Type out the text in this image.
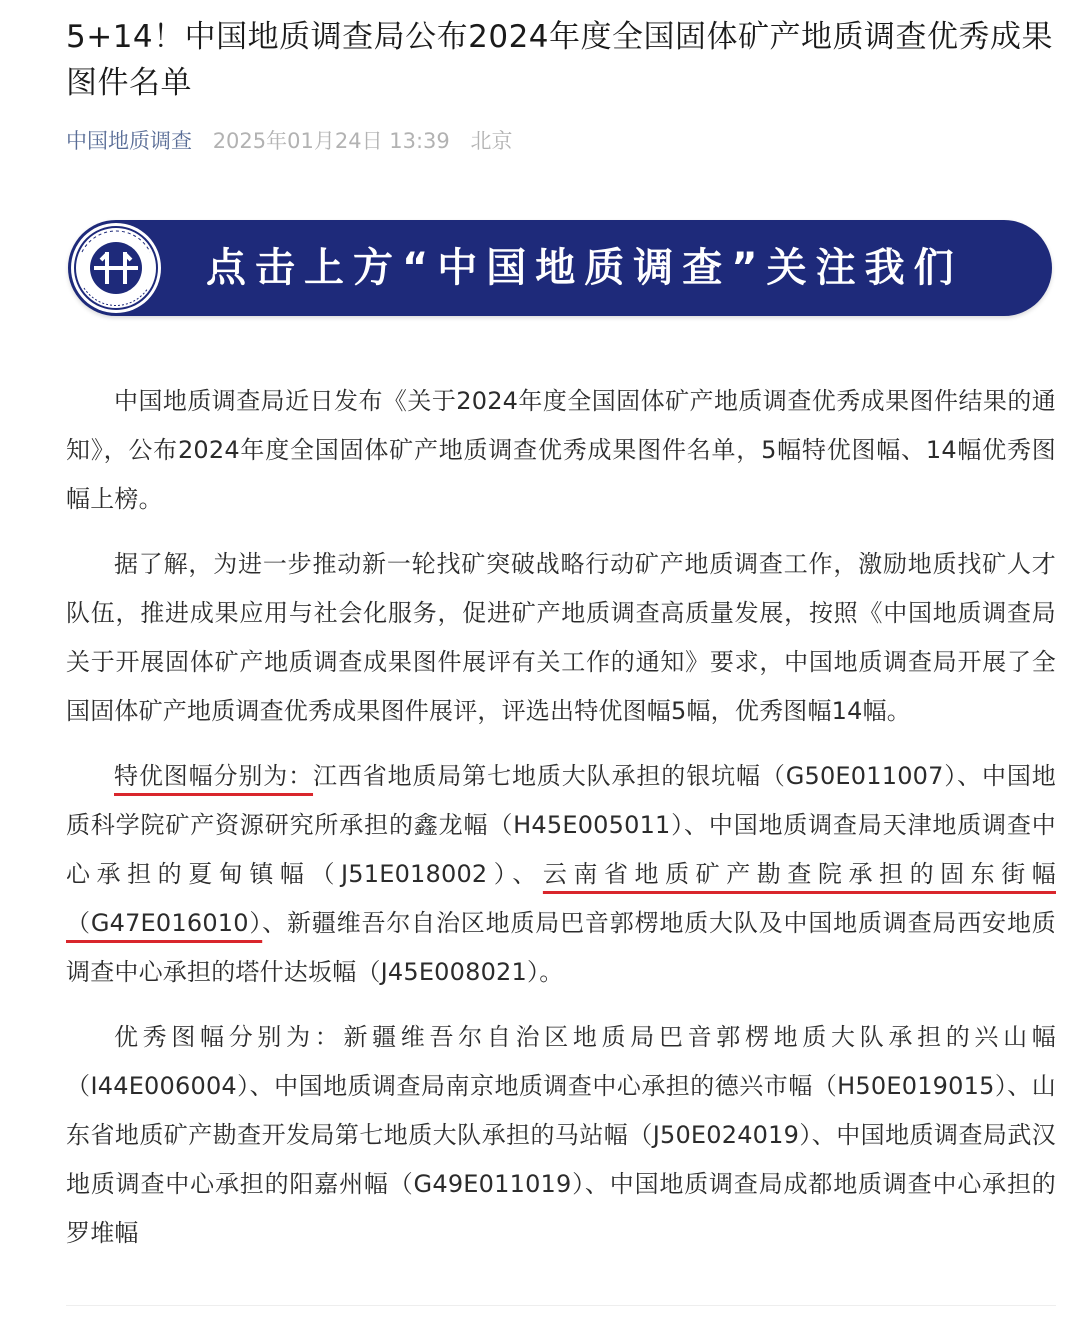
5+14！中国地质调查局公布2024年度全国固体矿产地质调查优秀成果图件名单
中国地质调查 2025年01月24日 13:39 北京
点击上方“中国地质调查”关注我们

中国地质调查局近日发布《关于2024年度全国固体矿产地质调查优秀成果图件结果的通知》，公布2024年度全国固体矿产地质调查优秀成果图件名单，5幅特优图幅、14幅优秀图幅上榜。

据了解，为进一步推动新一轮找矿突破战略行动矿产地质调查工作，激励地质找矿人才队伍，推进成果应用与社会化服务，促进矿产地质调查高质量发展，按照《中国地质调查局关于开展固体矿产地质调查成果图件展评有关工作的通知》要求，中国地质调查局开展了全国固体矿产地质调查优秀成果图件展评，评选出特优图幅5幅，优秀图幅14幅。

特优图幅分别为：江西省地质局第七地质大队承担的银坑幅（G50E011007）、中国地质科学院矿产资源研究所承担的鑫龙幅（H45E005011）、中国地质调查局天津地质调查中心承担的夏甸镇幅（J51E018002）、云南省地质矿产勘查院承担的固东街幅（G47E016010）、新疆维吾尔自治区地质局巴音郭楞地质大队及中国地质调查局西安地质调查中心承担的塔什达坂幅（J45E008021）。

优秀图幅分别为：新疆维吾尔自治区地质局巴音郭楞地质大队承担的兴山幅（I44E006004）、中国地质调查局南京地质调查中心承担的德兴市幅（H50E019015）、山东省地质矿产勘查开发局第七地质大队承担的马站幅（J50E024019）、中国地质调查局武汉地质调查中心承担的阳嘉州幅（G49E011019）、中国地质调查局成都地质调查中心承担的罗堆幅
